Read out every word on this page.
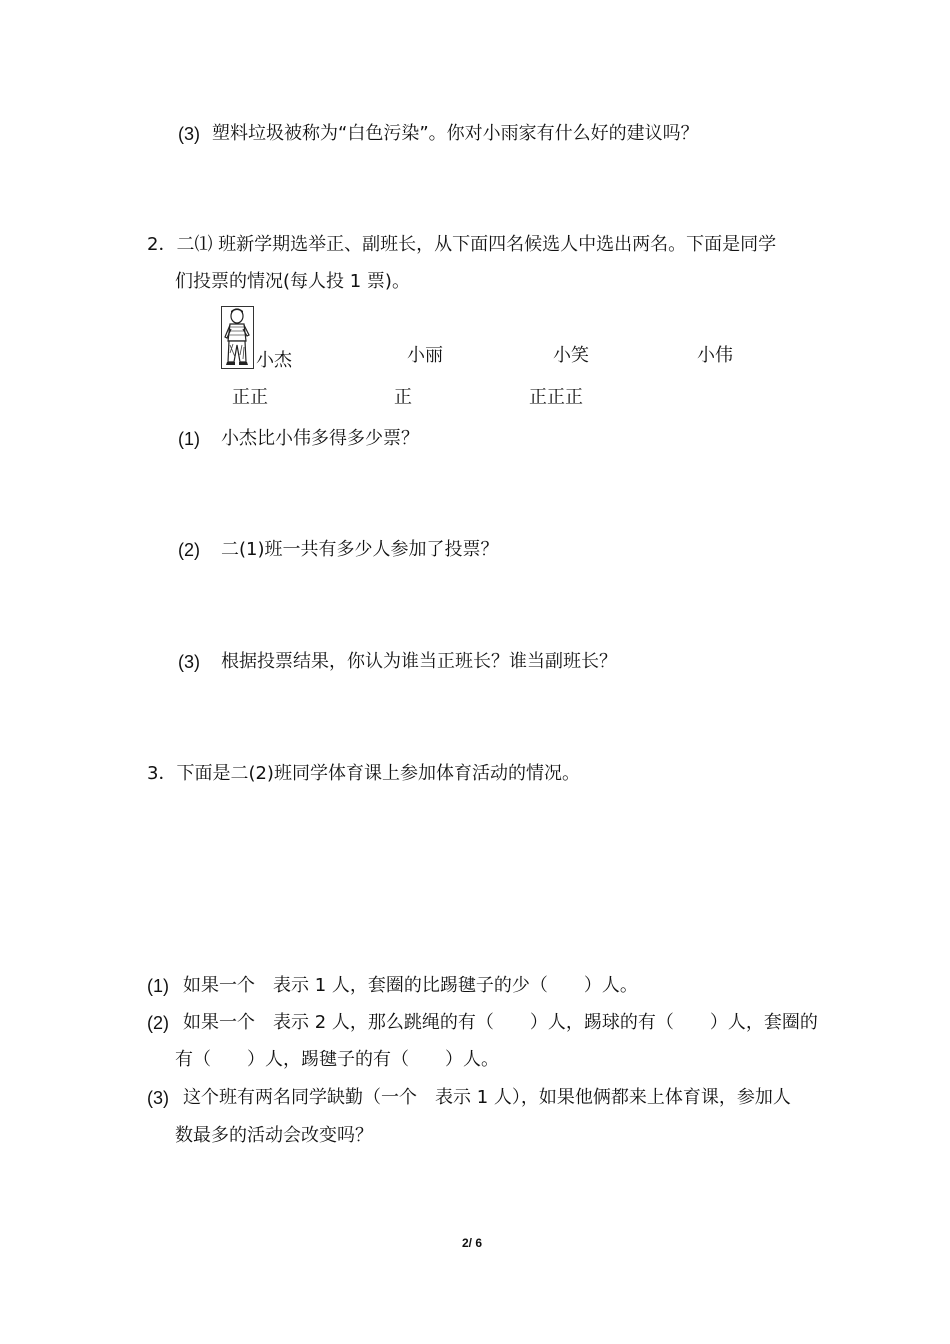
(3) 塑料垃圾被称为“白色污染”。你对小雨家有什么好的建议吗？
2．二⑴ 班新学期选举正、副班长，从下面四名候选人中选出两名。下面是同学
们投票的情况(每人投 1 票)。
小杰	小丽	小笑	小伟
正正	正	正正正
(1) 小杰比小伟多得多少票？
(2) 二(1)班一共有多少人参加了投票？
(3) 根据投票结果，你认为谁当正班长？谁当副班长？
3．下面是二(2)班同学体育课上参加体育活动的情况。
(1) 如果一个　表示 1 人，套圈的比踢毽子的少（　　）人。
(2) 如果一个　表示 2 人，那么跳绳的有（　　）人，踢球的有（　　）人，套圈的
有（　　）人，踢毽子的有（　　）人。
(3) 这个班有两名同学缺勤（一个　表示 1 人），如果他俩都来上体育课，参加人
数最多的活动会改变吗？
2/ 6
